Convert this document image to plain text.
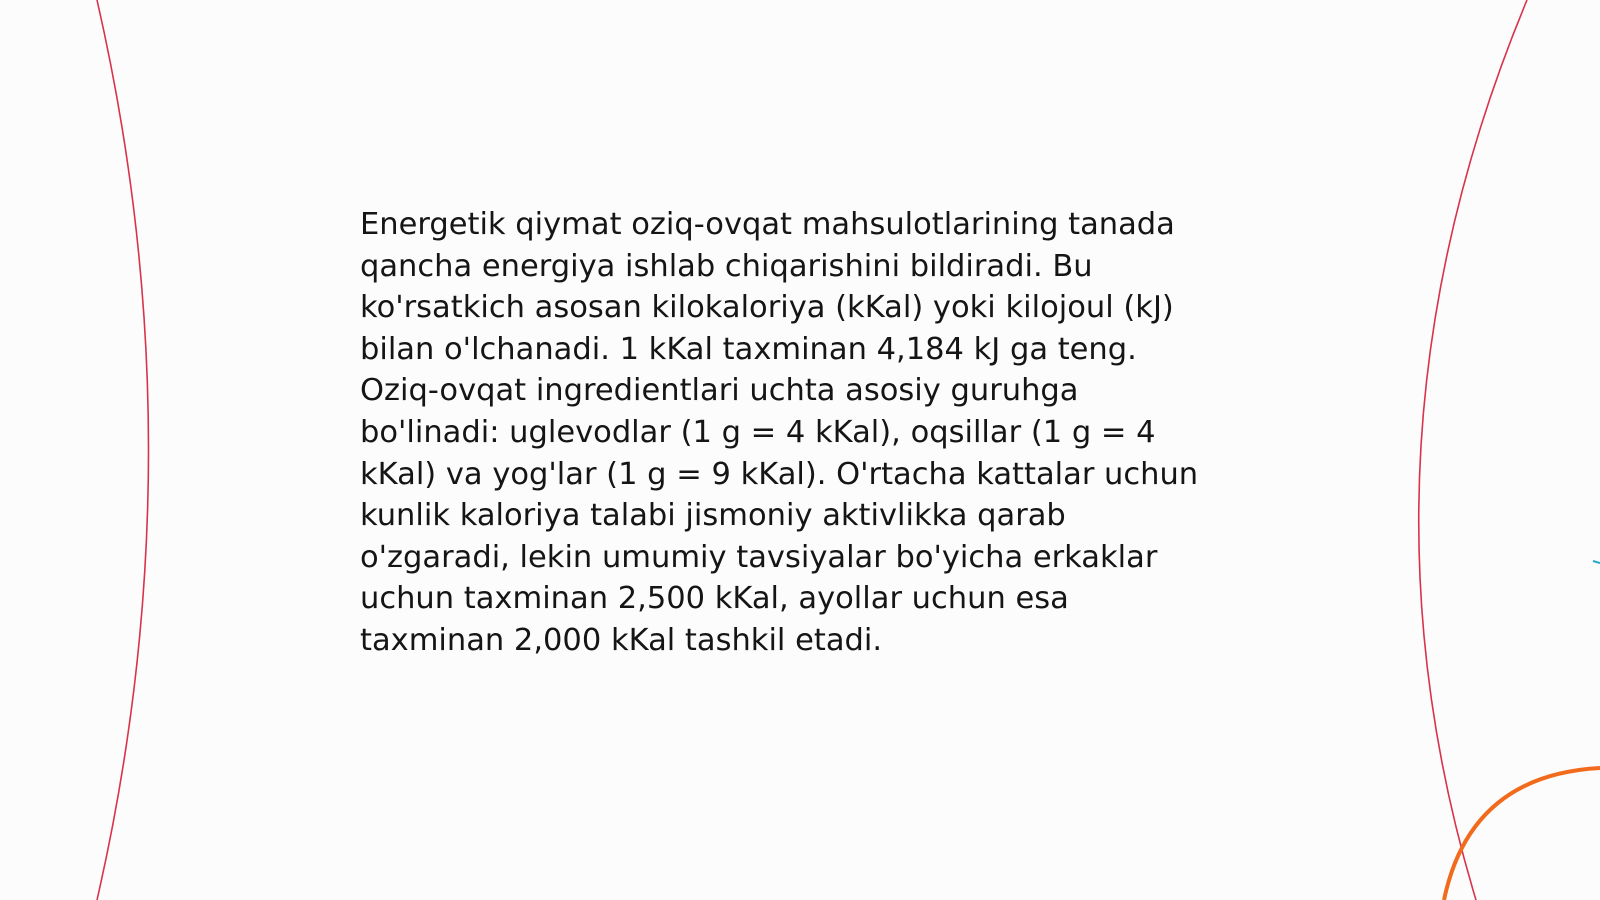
Energetik qiymat oziq-ovqat mahsulotlarining tanada
qancha energiya ishlab chiqarishini bildiradi. Bu
ko'rsatkich asosan kilokaloriya (kKal) yoki kilojoul (kJ)
bilan o'lchanadi. 1 kKal taxminan 4,184 kJ ga teng.
Oziq-ovqat ingredientlari uchta asosiy guruhga
bo'linadi: uglevodlar (1 g = 4 kKal), oqsillar (1 g = 4
kKal) va yog'lar (1 g = 9 kKal). O'rtacha kattalar uchun
kunlik kaloriya talabi jismoniy aktivlikka qarab
o'zgaradi, lekin umumiy tavsiyalar bo'yicha erkaklar
uchun taxminan 2,500 kKal, ayollar uchun esa
taxminan 2,000 kKal tashkil etadi.
